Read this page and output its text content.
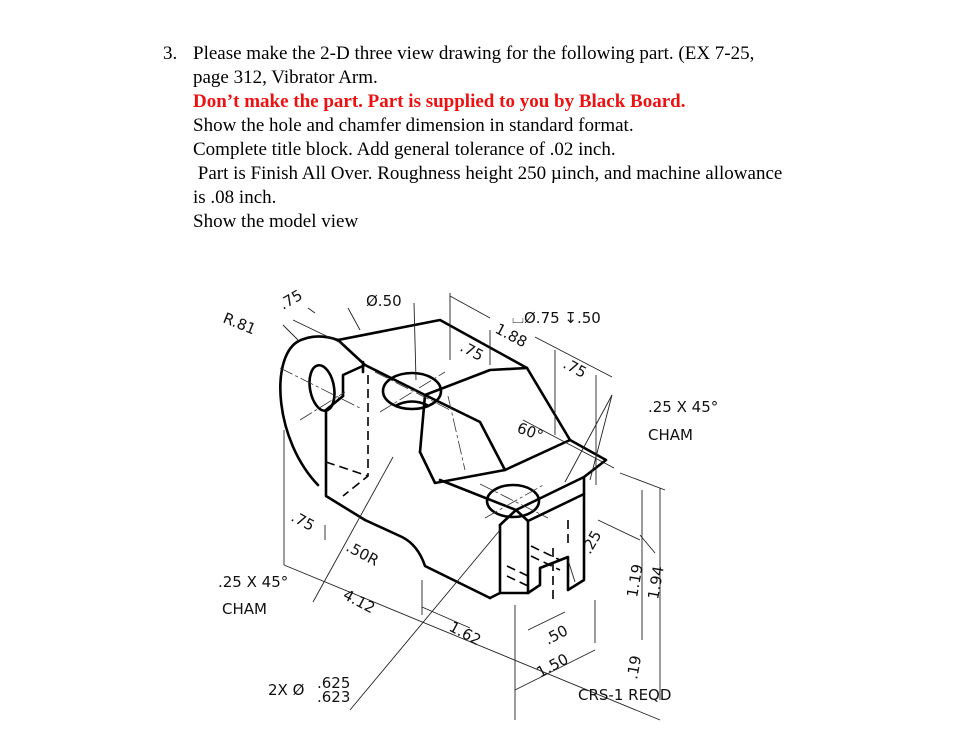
3. Please make the 2-D three view drawing for the following part. (EX 7-25,
page 312, Vibrator Arm.
Don’t make the part. Part is supplied to you by Black Board.
Show the hole and chamfer dimension in standard format.
Complete title block. Add general tolerance of .02 inch.
Part is Finish All Over. Roughness height 250 µinch, and machine allowance
is .08 inch.
Show the model view
R.81
.75	Ø.50
1.88
.75
⌴Ø.75 ↧.50
.75
60°
.25 X 45°
CHAM
.75
.50R
.25 X 45°
CHAM	4.12
1.62	.50
1.50
.25
1.19
1.94
.19
2X Ø .625
.623	CRS-1 REQD
